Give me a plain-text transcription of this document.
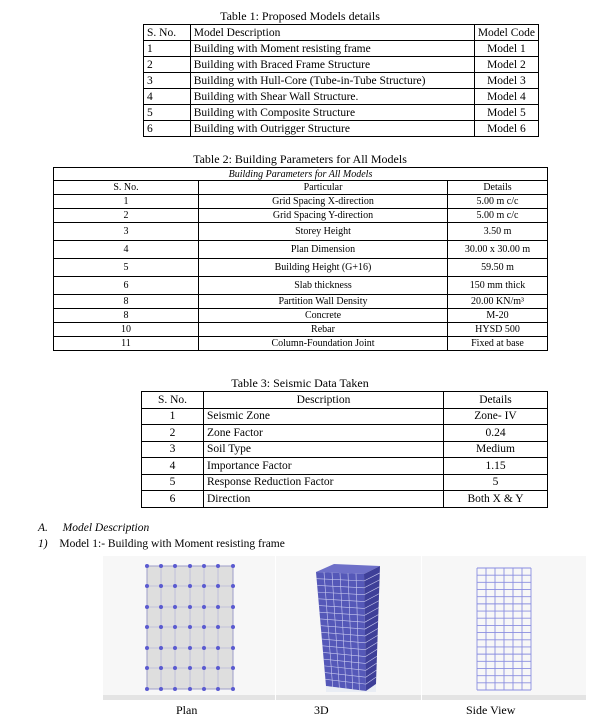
Table 1: Proposed Models details
S. No.	Model Description	Model Code
1	Building with Moment resisting frame	Model 1
2	Building with Braced Frame Structure	Model 2
3	Building with Hull-Core (Tube-in-Tube Structure)	Model 3
4	Building with Shear Wall Structure.	Model 4
5	Building with Composite Structure	Model 5
6	Building with Outrigger Structure	Model 6
Table 2: Building Parameters for All Models
Building Parameters for All Models		
S. No.	Particular	Details
1	Grid Spacing X-direction	5.00 m c/c
2	Grid Spacing Y-direction	5.00 m c/c
3	Storey Height	3.50 m
4	Plan Dimension	30.00 x 30.00 m
5	Building Height (G+16)	59.50 m
6	Slab thickness	150 mm thick
8	Partition Wall Density	20.00 KN/m³
8	Concrete	M-20
10	Rebar	HYSD 500
11	Column-Foundation Joint	Fixed at base
Table 3: Seismic Data Taken
S. No.	Description	Details
1	Seismic Zone	Zone- IV
2	Zone Factor	0.24
3	Soil Type	Medium
4	Importance Factor	1.15
5	Response Reduction Factor	5
6	Direction	Both X & Y
A. Model Description
1) Model 1:- Building with Moment resisting frame
Plan	3D	Side View
